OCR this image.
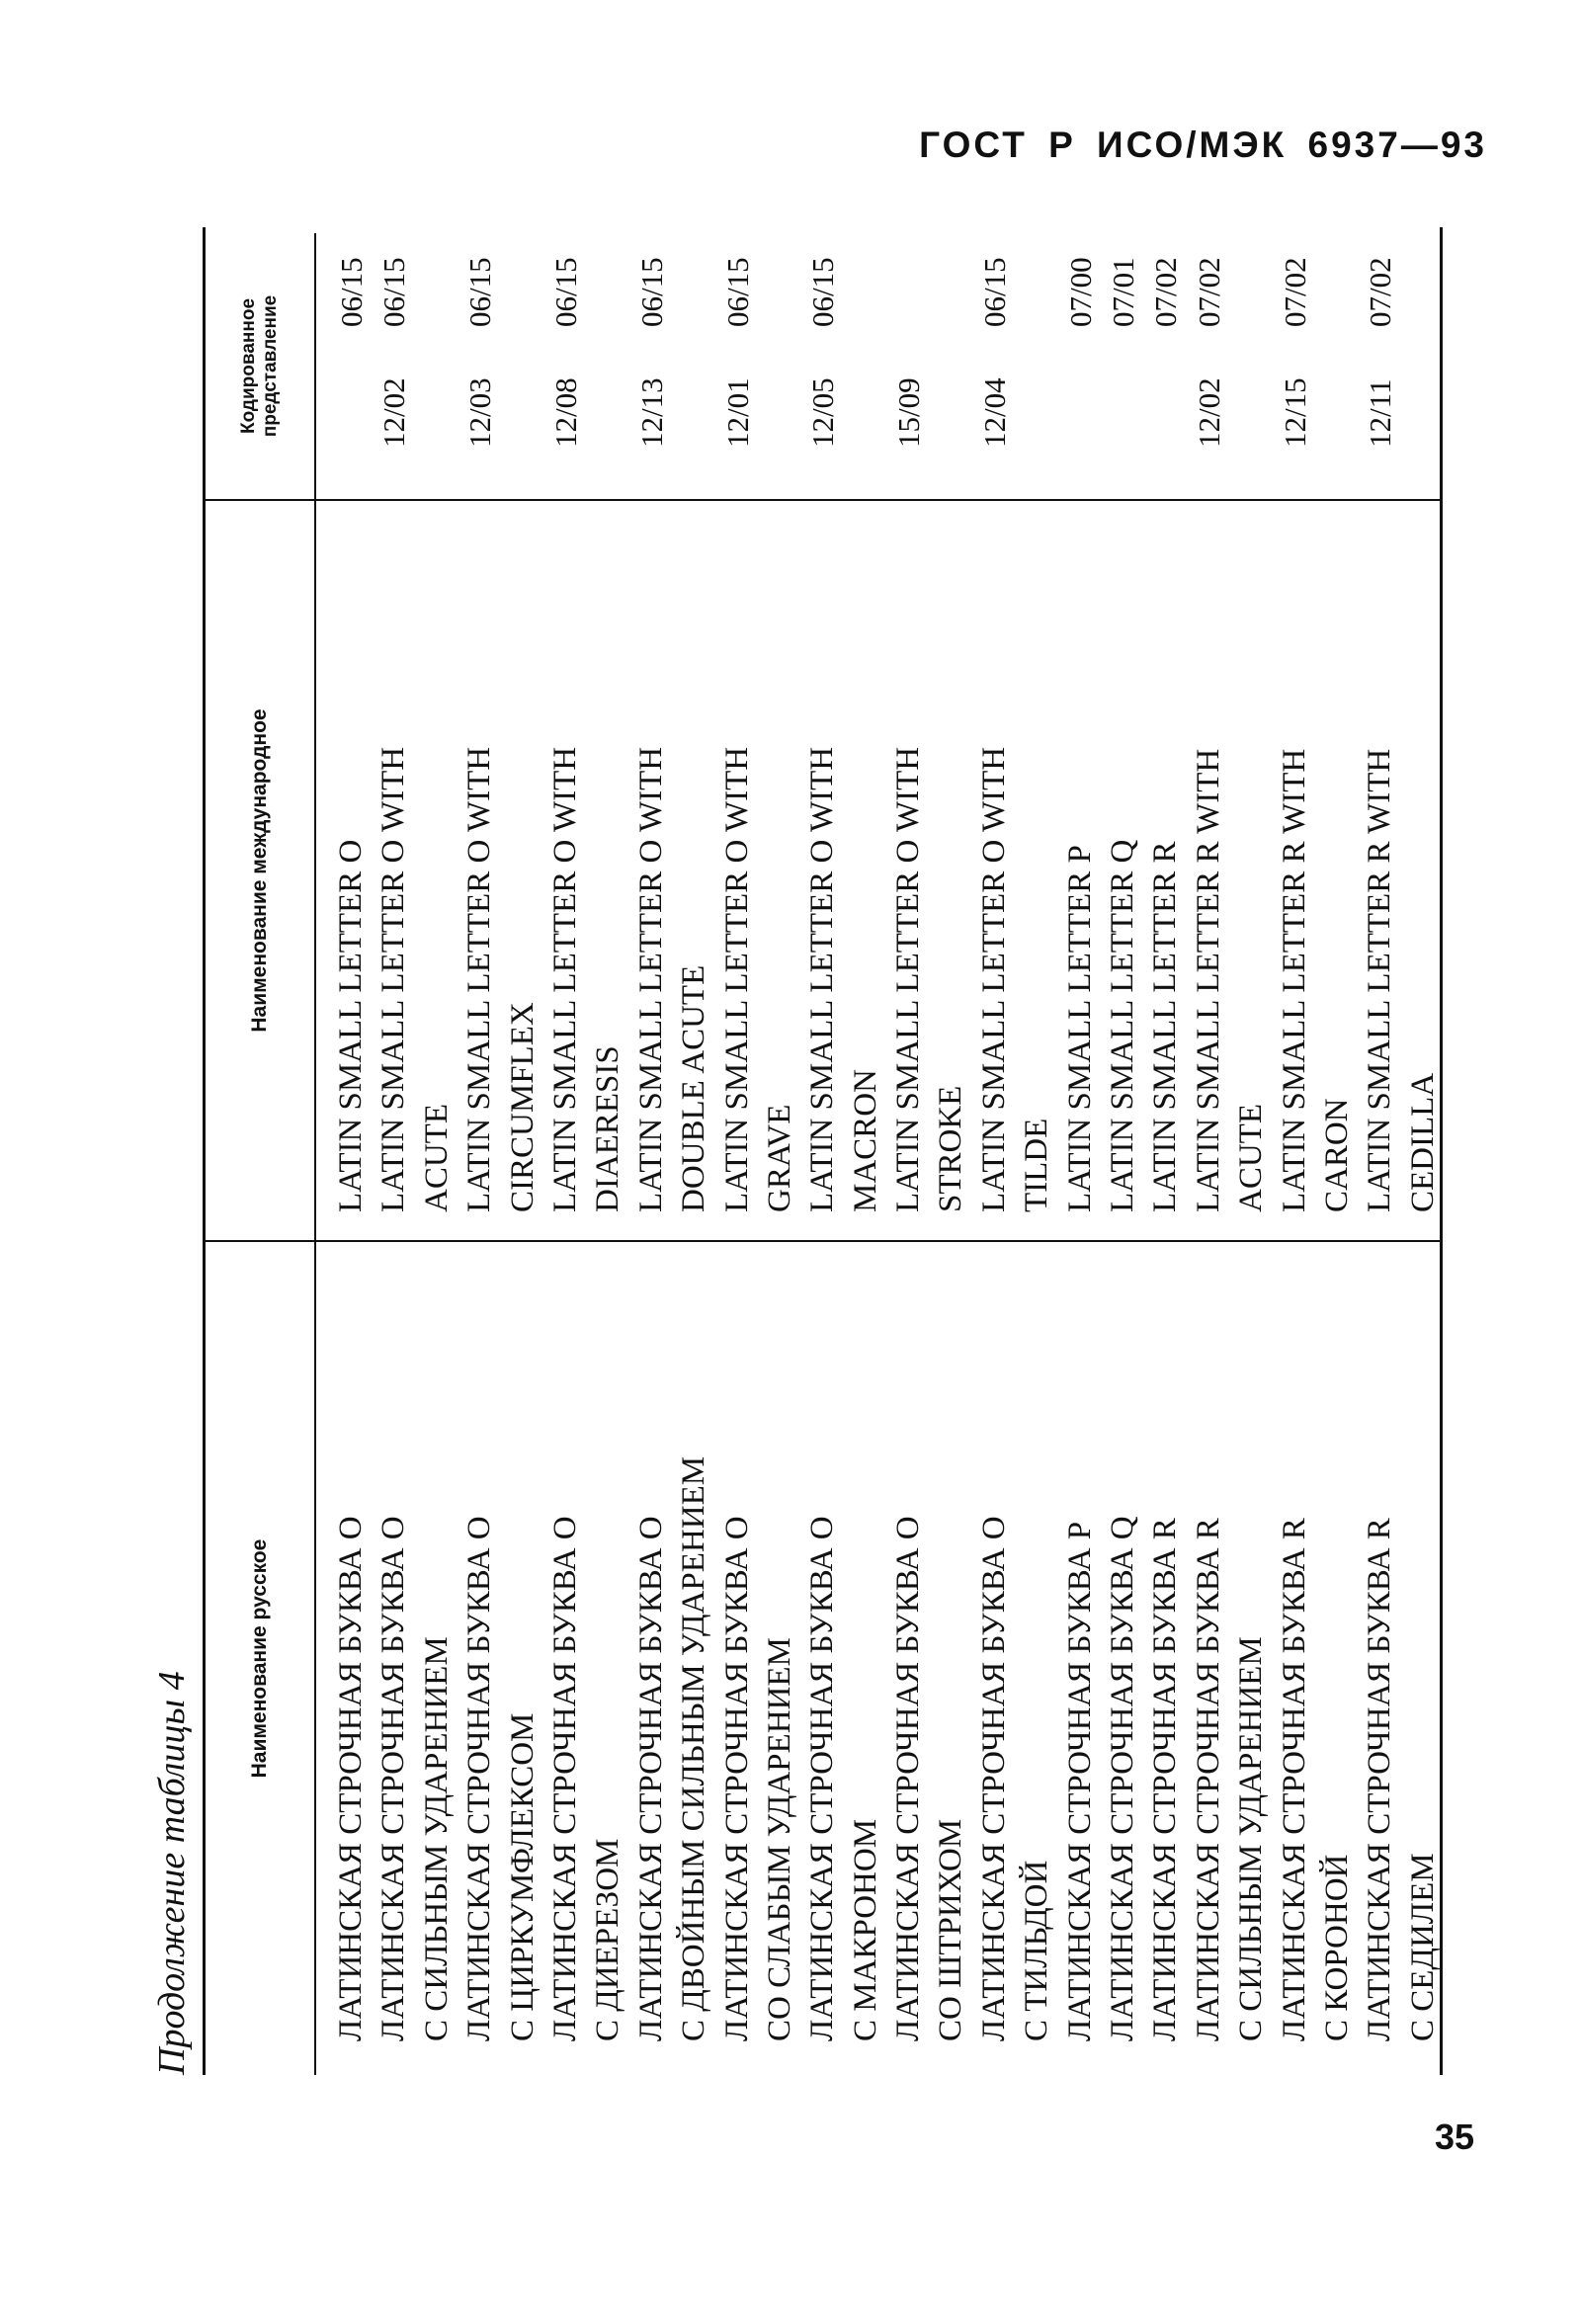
ГОСТ Р ИСО/МЭК 6937—93
Продолжение таблицы 4
Наименование русское	ЛАТИНСКАЯ СТРОЧНАЯ БУКВА O ЛАТИНСКАЯ СТРОЧНАЯ БУКВА O С СИЛЬНЫМ УДАРЕНИЕМ ЛАТИНСКАЯ СТРОЧНАЯ БУКВА O С ЦИРКУМФЛЕКСОМ ЛАТИНСКАЯ СТРОЧНАЯ БУКВА O С ДИЕРЕЗОМ ЛАТИНСКАЯ СТРОЧНАЯ БУКВА O С ДВОЙНЫМ СИЛЬНЫМ УДАРЕНИЕМ ЛАТИНСКАЯ СТРОЧНАЯ БУКВА O СО СЛАБЫМ УДАРЕНИЕМ ЛАТИНСКАЯ СТРОЧНАЯ БУКВА O С МАКРОНОМ ЛАТИНСКАЯ СТРОЧНАЯ БУКВА O СО ШТРИХОМ ЛАТИНСКАЯ СТРОЧНАЯ БУКВА O С ТИЛЬДОЙ ЛАТИНСКАЯ СТРОЧНАЯ БУКВА P ЛАТИНСКАЯ СТРОЧНАЯ БУКВА Q ЛАТИНСКАЯ СТРОЧНАЯ БУКВА R ЛАТИНСКАЯ СТРОЧНАЯ БУКВА R С СИЛЬНЫМ УДАРЕНИЕМ ЛАТИНСКАЯ СТРОЧНАЯ БУКВА R С КОРОНОЙ ЛАТИНСКАЯ СТРОЧНАЯ БУКВА R С СЕДИЛЕМ
Наименование международное	LATIN SMALL LETTER O LATIN SMALL LETTER O WITH ACUTE LATIN SMALL LETTER O WITH CIRCUMFLEX LATIN SMALL LETTER O WITH DIAERESIS LATIN SMALL LETTER O WITH DOUBLE ACUTE LATIN SMALL LETTER O WITH GRAVE LATIN SMALL LETTER O WITH MACRON LATIN SMALL LETTER O WITH STROKE LATIN SMALL LETTER O WITH TILDE LATIN SMALL LETTER P LATIN SMALL LETTER Q LATIN SMALL LETTER R LATIN SMALL LETTER R WITH ACUTE LATIN SMALL LETTER R WITH CARON LATIN SMALL LETTER R WITH CEDILLA
Кодированное представление
06/15
12/02
06/15
12/03
06/15
12/08
06/15
12/13
06/15
12/01
06/15
12/05
06/15
15/09 12/04
06/15 07/00 07/01 07/02
12/02
07/02
12/15
07/02
12/11
07/02
35
